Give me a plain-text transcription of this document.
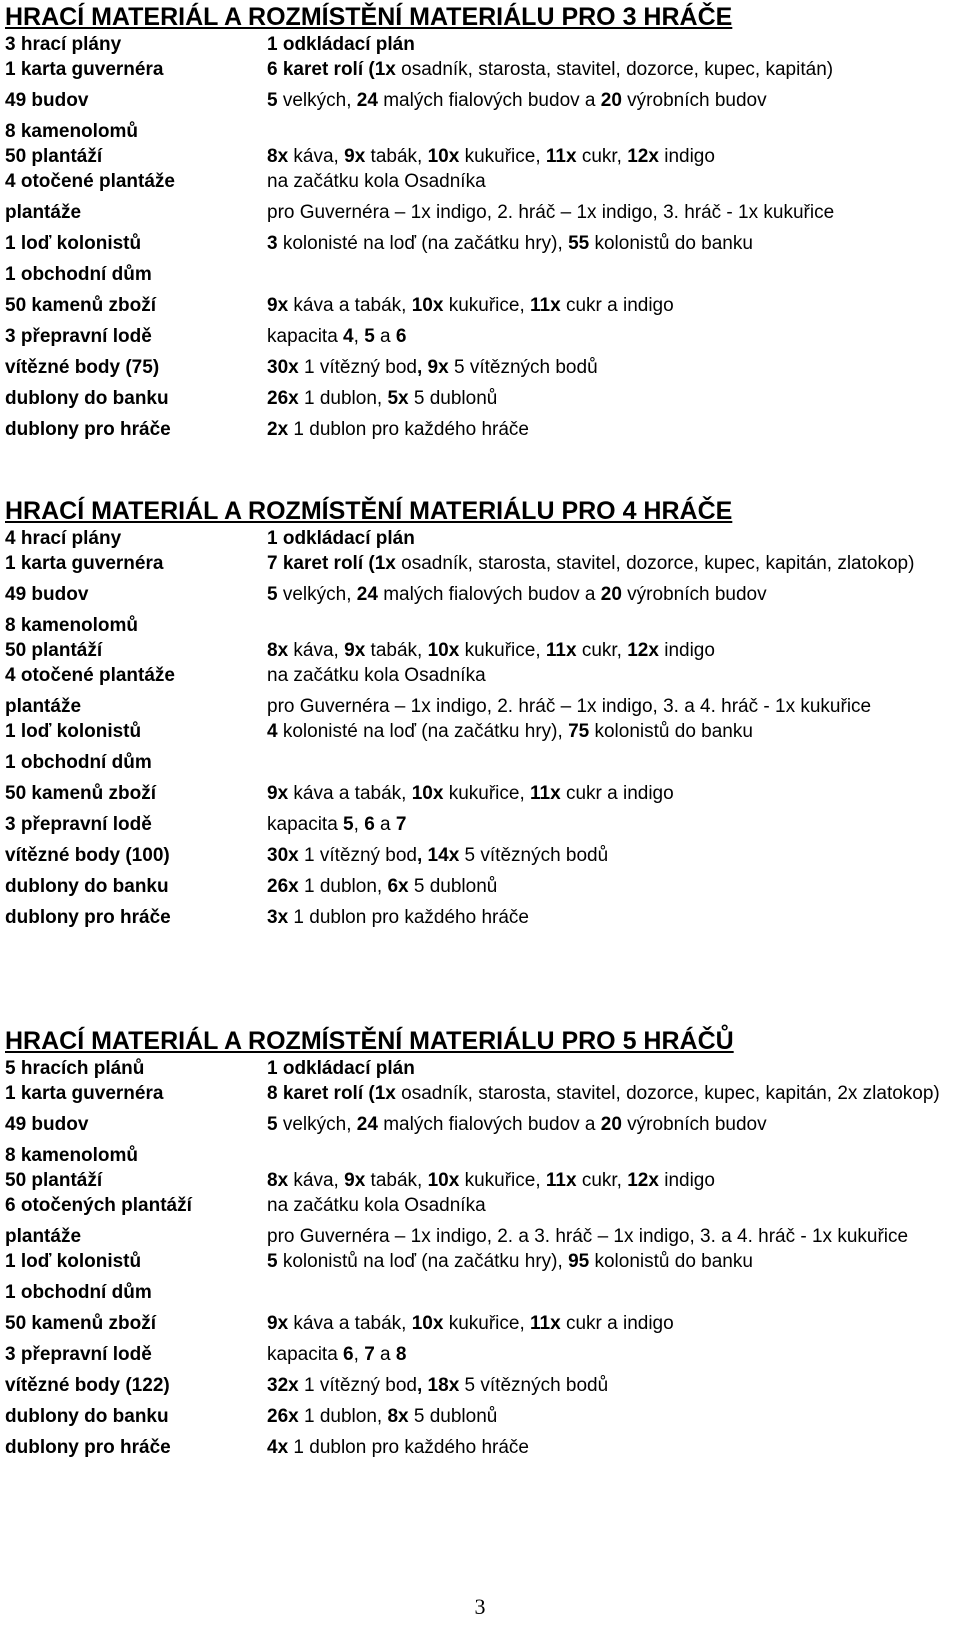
HRACÍ MATERIÁL A ROZMÍSTĚNÍ MATERIÁLU PRO 3 HRÁČE
3 hrací plány	1 odkládací plán
1 karta guvernéra	6 karet rolí (1x osadník, starosta, stavitel, dozorce, kupec, kapitán)
49 budov	5 velkých, 24 malých fialových budov a 20 výrobních budov
8 kamenolomů
50 plantáží	8x káva, 9x tabák, 10x kukuřice, 11x cukr, 12x indigo
4 otočené plantáže	na začátku kola Osadníka
plantáže	pro Guvernéra – 1x indigo, 2. hráč – 1x indigo, 3. hráč - 1x kukuřice
1 loď kolonistů	3 kolonisté na loď (na začátku hry), 55 kolonistů do banku
1 obchodní dům
50 kamenů zboží	9x káva a tabák, 10x kukuřice, 11x cukr a indigo
3 přepravní lodě	kapacita 4, 5 a 6
vítězné body (75)	30x 1 vítězný bod, 9x 5 vítězných bodů
dublony do banku	26x 1 dublon, 5x 5 dublonů
dublony pro hráče	2x 1 dublon pro každého hráče
HRACÍ MATERIÁL A ROZMÍSTĚNÍ MATERIÁLU PRO 4 HRÁČE
4 hrací plány	1 odkládací plán
1 karta guvernéra	7 karet rolí (1x osadník, starosta, stavitel, dozorce, kupec, kapitán, zlatokop)
49 budov	5 velkých, 24 malých fialových budov a 20 výrobních budov
8 kamenolomů
50 plantáží	8x káva, 9x tabák, 10x kukuřice, 11x cukr, 12x indigo
4 otočené plantáže	na začátku kola Osadníka
plantáže	pro Guvernéra – 1x indigo, 2. hráč – 1x indigo, 3. a 4. hráč - 1x kukuřice
1 loď kolonistů	4 kolonisté na loď (na začátku hry), 75 kolonistů do banku
1 obchodní dům
50 kamenů zboží	9x káva a tabák, 10x kukuřice, 11x cukr a indigo
3 přepravní lodě	kapacita 5, 6 a 7
vítězné body (100)	30x 1 vítězný bod, 14x 5 vítězných bodů
dublony do banku	26x 1 dublon, 6x 5 dublonů
dublony pro hráče	3x 1 dublon pro každého hráče
HRACÍ MATERIÁL A ROZMÍSTĚNÍ MATERIÁLU PRO 5 HRÁČŮ
5 hracích plánů	1 odkládací plán
1 karta guvernéra	8 karet rolí (1x osadník, starosta, stavitel, dozorce, kupec, kapitán, 2x zlatokop)
49 budov	5 velkých, 24 malých fialových budov a 20 výrobních budov
8 kamenolomů
50 plantáží	8x káva, 9x tabák, 10x kukuřice, 11x cukr, 12x indigo
6 otočených plantáží	na začátku kola Osadníka
plantáže	pro Guvernéra – 1x indigo, 2. a 3. hráč – 1x indigo, 3. a 4. hráč - 1x kukuřice
1 loď kolonistů	5 kolonistů na loď (na začátku hry), 95 kolonistů do banku
1 obchodní dům
50 kamenů zboží	9x káva a tabák, 10x kukuřice, 11x cukr a indigo
3 přepravní lodě	kapacita 6, 7 a 8
vítězné body (122)	32x 1 vítězný bod, 18x 5 vítězných bodů
dublony do banku	26x 1 dublon, 8x 5 dublonů
dublony pro hráče	4x 1 dublon pro každého hráče
3
